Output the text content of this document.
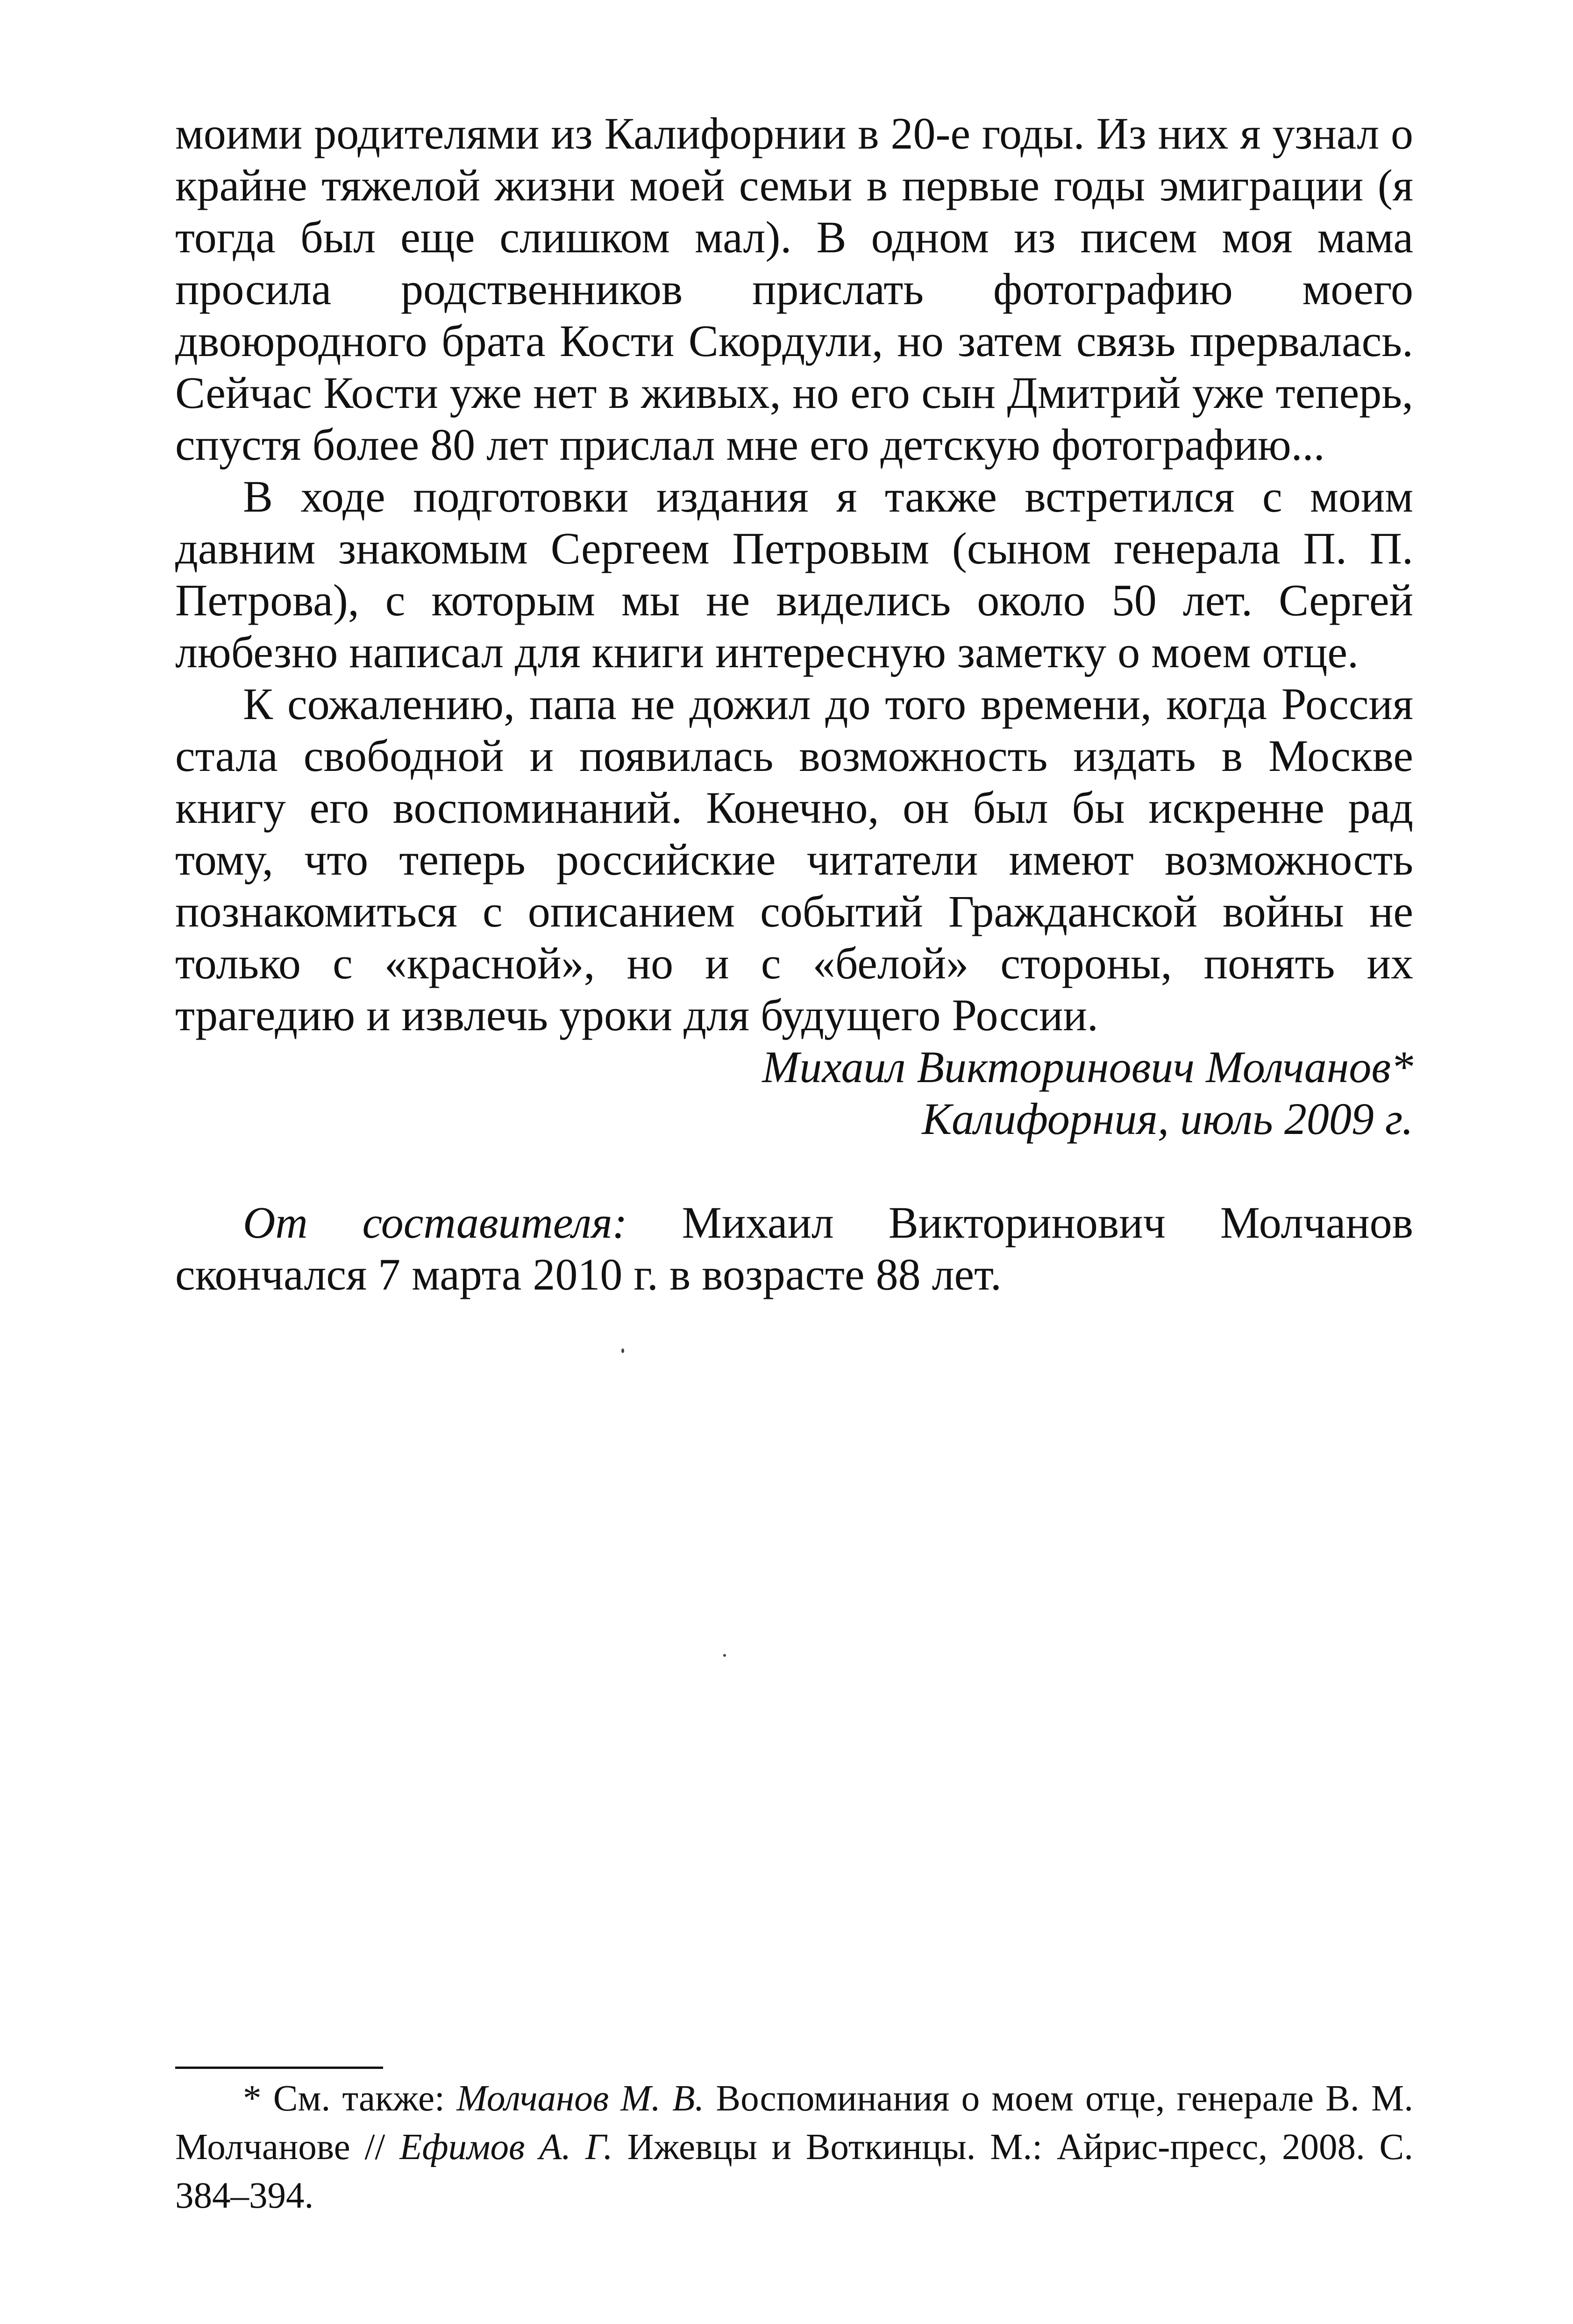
моими родителями из Калифорнии в 20-е годы. Из них я узнал о крайне тяжелой жизни моей семьи в первые годы эмиграции (я тогда был еще слишком мал). В одном из писем моя мама просила родственников прислать фотографию моего двоюродного брата Кости Скордули, но затем связь прервалась. Сейчас Кости уже нет в живых, но его сын Дмитрий уже теперь, спустя более 80 лет прислал мне его детскую фотографию...

В ходе подготовки издания я также встретился с моим давним знакомым Сергеем Петровым (сыном генерала П. П. Петрова), с которым мы не виделись около 50 лет. Сергей любезно написал для книги интересную заметку о моем отце.

К сожалению, папа не дожил до того времени, когда Россия стала свободной и появилась возможность издать в Москве книгу его воспоминаний. Конечно, он был бы искренне рад тому, что теперь российские читатели имеют возможность познакомиться с описанием событий Гражданской войны не только с «красной», но и с «белой» стороны, понять их трагедию и извлечь уроки для будущего России.

Михаил Викторинович Молчанов*
Калифорния, июль 2009 г.

От составителя: Михаил Викторинович Молчанов скончался 7 марта 2010 г. в возрасте 88 лет.

* См. также: Молчанов М. В. Воспоминания о моем отце, генерале В. М. Молчанове // Ефимов А. Г. Ижевцы и Воткинцы. М.: Айрис-пресс, 2008. С. 384–394.
